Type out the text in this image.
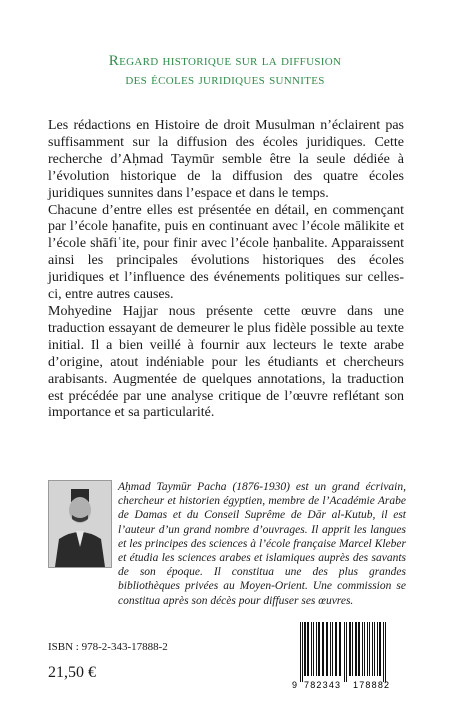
Regard historique sur la diffusion
des écoles juridiques sunnites

Les rédactions en Histoire de droit Musulman n’éclairent pas suffisamment sur la diffusion des écoles juridiques. Cette recherche d’Aḥmad Taymūr semble être la seule dédiée à l’évolution historique de la diffusion des quatre écoles juridiques sunnites dans l’espace et dans le temps.

Chacune d’entre elles est présentée en détail, en commençant par l’école ḥanafite, puis en continuant avec l’école mālikite et l’école shāfiʿite, pour finir avec l’école ḥanbalite. Apparaissent ainsi les principales évolutions historiques des écoles juridiques et l’influence des événements politiques sur celles-ci, entre autres causes.

Mohyedine Hajjar nous présente cette œuvre dans une traduction essayant de demeurer le plus fidèle possible au texte initial. Il a bien veillé à fournir aux lecteurs le texte arabe d’origine, atout indéniable pour les étudiants et chercheurs arabisants. Augmentée de quelques annotations, la traduction est précédée par une analyse critique de l’œuvre reflétant son importance et sa particularité.

Aḥmad Taymūr Pacha (1876-1930) est un grand écrivain, chercheur et historien égyptien, membre de l’Académie Arabe de Damas et du Conseil Suprême de Dār al-Kutub, il est l’auteur d’un grand nombre d’ouvrages. Il apprit les langues et les principes des sciences à l’école française Marcel Kleber et étudia les sciences arabes et islamiques auprès des savants de son époque. Il constitua une des plus grandes bibliothèques privées au Moyen-Orient. Une commission se constitua après son décès pour diffuser ses œuvres.

ISBN : 978-2-343-17888-2
21,50 €
9 782343 178882
